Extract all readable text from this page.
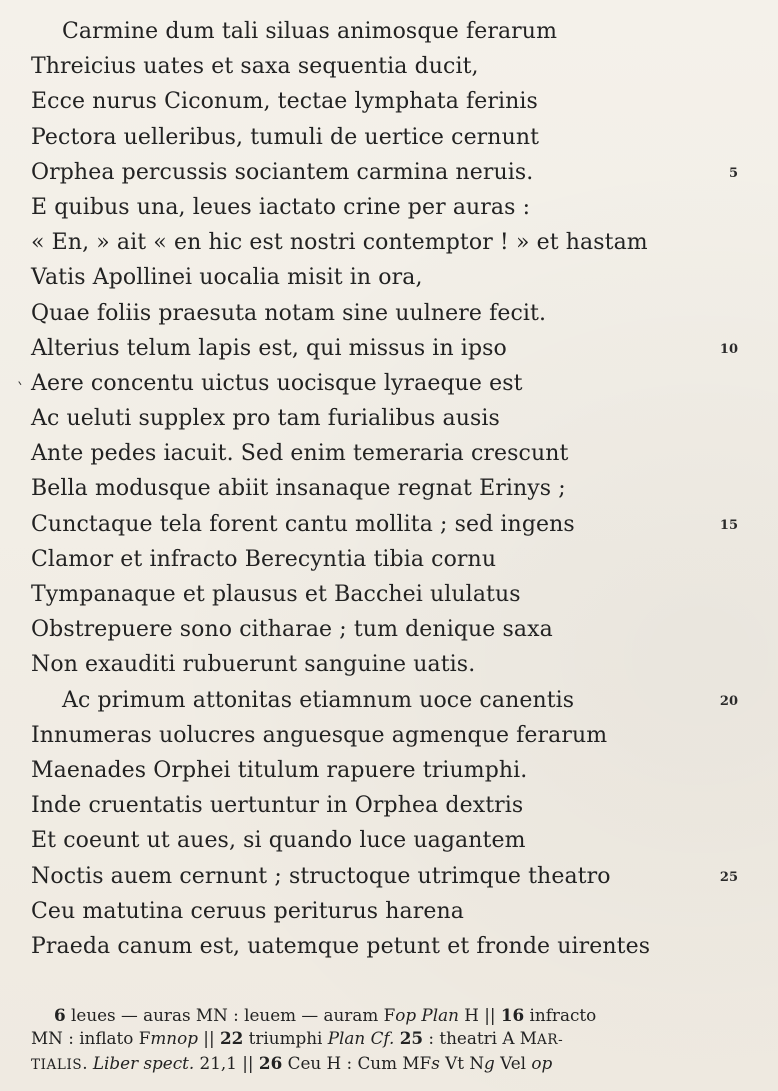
Carmine dum tali siluas animosque ferarum
Threicius uates et saxa sequentia ducit,
Ecce nurus Ciconum, tectae lymphata ferinis
Pectora uelleribus, tumuli de uertice cernunt
Orphea percussis sociantem carmina neruis.	5
E quibus una, leues iactato crine per auras :
« En, » ait « en hic est nostri contemptor ! » et hastam
Vatis Apollinei uocalia misit in ora,
Quae foliis praesuta notam sine uulnere fecit.
Alterius telum lapis est, qui missus in ipso	10
Aere concentu uictus uocisque lyraeque est
Ac ueluti supplex pro tam furialibus ausis
Ante pedes iacuit. Sed enim temeraria crescunt
Bella modusque abiit insanaque regnat Erinys ;
Cunctaque tela forent cantu mollita ; sed ingens	15
Clamor et infracto Berecyntia tibia cornu
Tympanaque et plausus et Bacchei ululatus
Obstrepuere sono citharae ; tum denique saxa
Non exauditi rubuerunt sanguine uatis.
Ac primum attonitas etiamnum uoce canentis	20
Innumeras uolucres anguesque agmenque ferarum
Maenades Orphei titulum rapuere triumphi.
Inde cruentatis uertuntur in Orphea dextris
Et coeunt ut aues, si quando luce uagantem
Noctis auem cernunt ; structoque utrimque theatro	25
Ceu matutina ceruus periturus harena
Praeda canum est, uatemque petunt et fronde uirentes
6 leues — auras MN : leuem — auram Fop Plan H || 16 infracto
MN : inflato Fmnop || 22 triumphi Plan Cf. 25 : theatri A MAR-
TIALIS. Liber spect. 21,1 || 26 Ceu H : Cum MFs Vt Ng Vel op
